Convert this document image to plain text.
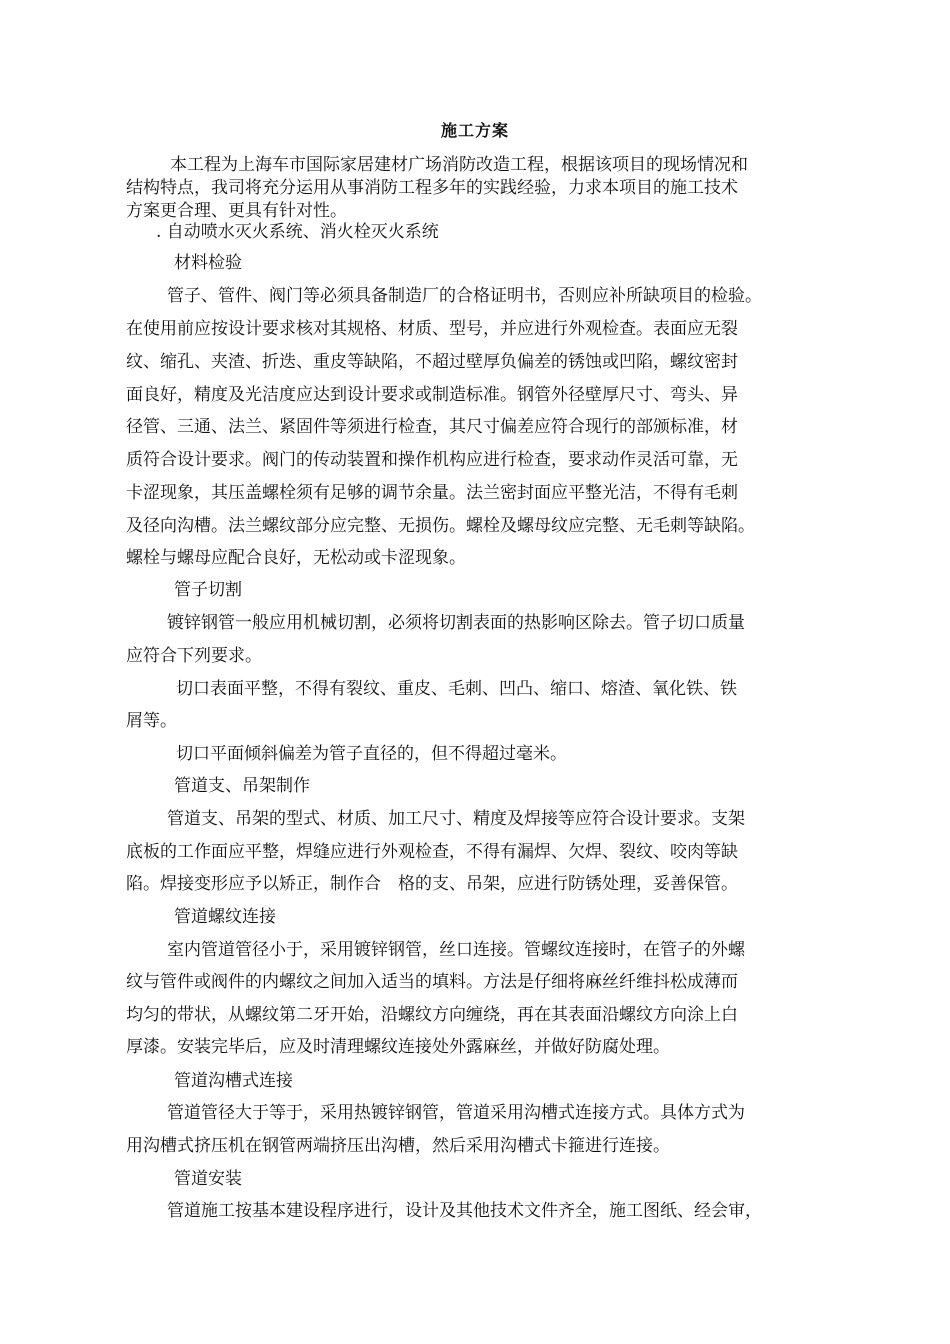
施工方案
本工程为上海车市国际家居建材广场消防改造工程，根据该项目的现场情况和
结构特点，我司将充分运用从事消防工程多年的实践经验，力求本项目的施工技术
方案更合理、更具有针对性。
. 自动喷水灭火系统、消火栓灭火系统
材料检验
管子、管件、阀门等必须具备制造厂的合格证明书，否则应补所缺项目的检验。
在使用前应按设计要求核对其规格、材质、型号，并应进行外观检查。表面应无裂
纹、缩孔、夹渣、折迭、重皮等缺陷，不超过壁厚负偏差的锈蚀或凹陷，螺纹密封
面良好，精度及光洁度应达到设计要求或制造标准。钢管外径壁厚尺寸、弯头、异
径管、三通、法兰、紧固件等须进行检查，其尺寸偏差应符合现行的部颁标准，材
质符合设计要求。阀门的传动装置和操作机构应进行检查，要求动作灵活可靠，无
卡涩现象，其压盖螺栓须有足够的调节余量。法兰密封面应平整光洁，不得有毛刺
及径向沟槽。法兰螺纹部分应完整、无损伤。螺栓及螺母纹应完整、无毛刺等缺陷。
螺栓与螺母应配合良好，无松动或卡涩现象。
管子切割
镀锌钢管一般应用机械切割，必须将切割表面的热影响区除去。管子切口质量
应符合下列要求。
切口表面平整，不得有裂纹、重皮、毛刺、凹凸、缩口、熔渣、氧化铁、铁
屑等。
切口平面倾斜偏差为管子直径的，但不得超过毫米。
管道支、吊架制作
管道支、吊架的型式、材质、加工尺寸、精度及焊接等应符合设计要求。支架
底板的工作面应平整，焊缝应进行外观检查，不得有漏焊、欠焊、裂纹、咬肉等缺
陷。焊接变形应予以矫正，制作合　格的支、吊架，应进行防锈处理，妥善保管。
管道螺纹连接
室内管道管径小于，采用镀锌钢管，丝口连接。管螺纹连接时，在管子的外螺
纹与管件或阀件的内螺纹之间加入适当的填料。方法是仔细将麻丝纤维抖松成薄而
均匀的带状，从螺纹第二牙开始，沿螺纹方向缠绕，再在其表面沿螺纹方向涂上白
厚漆。安装完毕后，应及时清理螺纹连接处外露麻丝，并做好防腐处理。
管道沟槽式连接
管道管径大于等于，采用热镀锌钢管，管道采用沟槽式连接方式。具体方式为
用沟槽式挤压机在钢管两端挤压出沟槽，然后采用沟槽式卡箍进行连接。
管道安装
管道施工按基本建设程序进行，设计及其他技术文件齐全，施工图纸、经会审，
